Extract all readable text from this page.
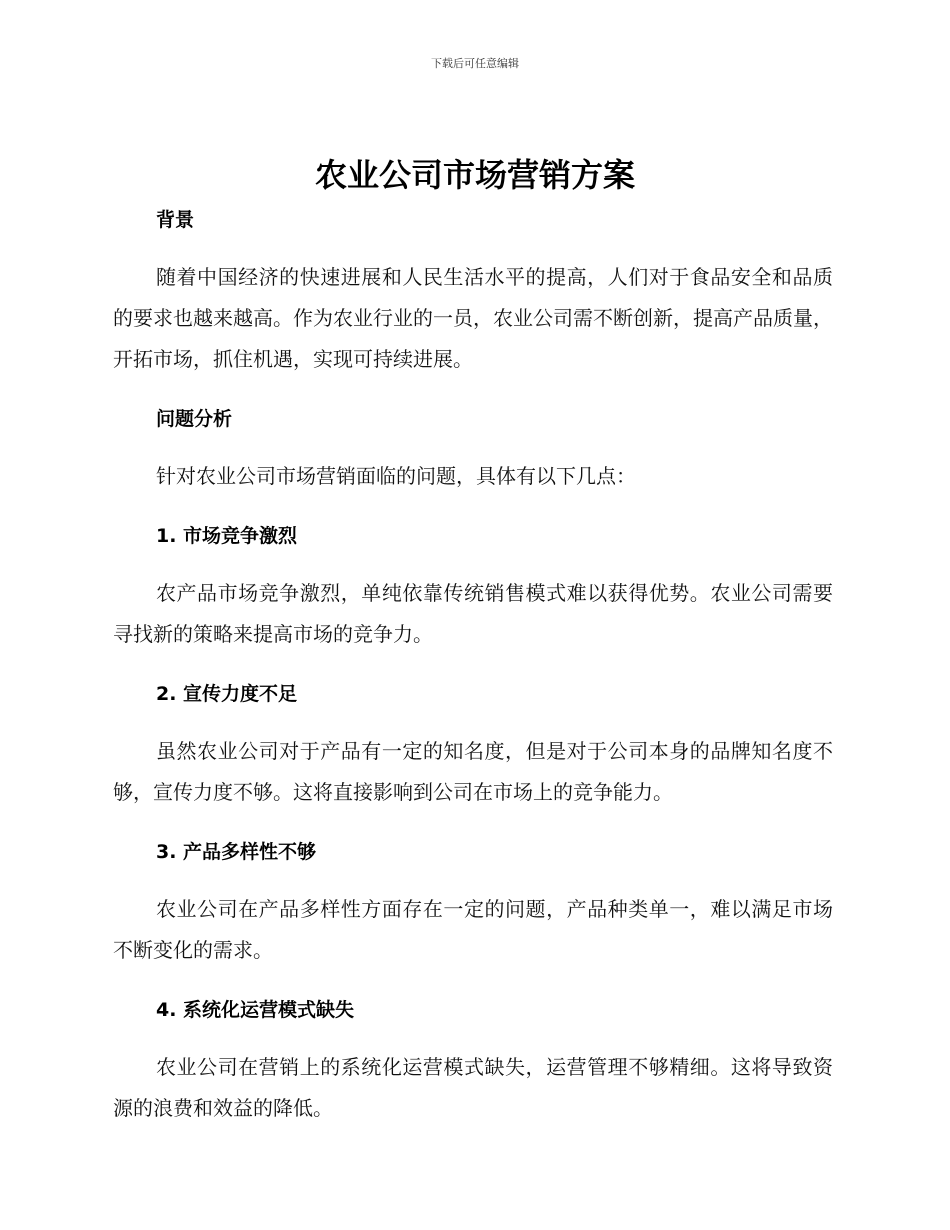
下载后可任意编辑
农业公司市场营销方案

背景

随着中国经济的快速进展和人民生活水平的提高，人们对于食品安全和品质的要求也越来越高。作为农业行业的一员，农业公司需不断创新，提高产品质量，开拓市场，抓住机遇，实现可持续进展。

问题分析

针对农业公司市场营销面临的问题，具体有以下几点：

1. 市场竞争激烈

农产品市场竞争激烈，单纯依靠传统销售模式难以获得优势。农业公司需要寻找新的策略来提高市场的竞争力。

2. 宣传力度不足

虽然农业公司对于产品有一定的知名度，但是对于公司本身的品牌知名度不够，宣传力度不够。这将直接影响到公司在市场上的竞争能力。

3. 产品多样性不够

农业公司在产品多样性方面存在一定的问题，产品种类单一，难以满足市场不断变化的需求。

4. 系统化运营模式缺失

农业公司在营销上的系统化运营模式缺失，运营管理不够精细。这将导致资源的浪费和效益的降低。
